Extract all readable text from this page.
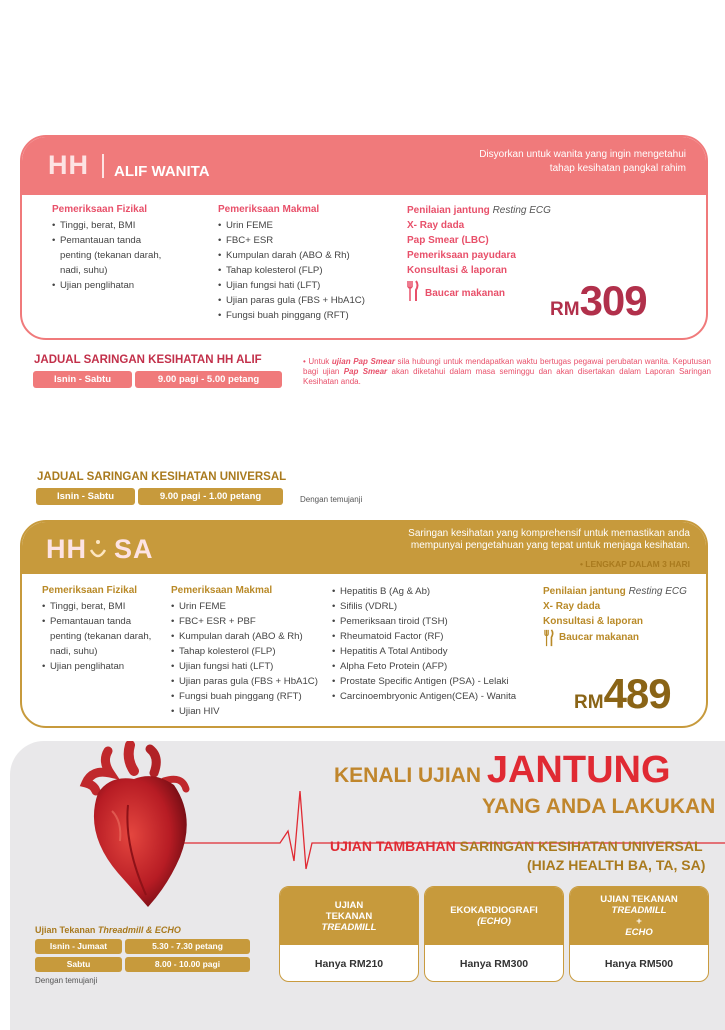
HH ALIF WANITA
Disyorkan untuk wanita yang ingin mengetahui
tahap kesihatan pangkal rahim
Pemeriksaan Fizikal
• Tinggi, berat, BMI
• Pemantauan tanda
penting (tekanan darah,
nadi, suhu)
• Ujian penglihatan
Pemeriksaan Makmal
• Urin FEME
• FBC+ ESR
• Kumpulan darah (ABO & Rh)
• Tahap kolesterol (FLP)
• Ujian fungsi hati (LFT)
• Ujian paras gula (FBS + HbA1C)
• Fungsi buah pinggang (RFT)
Penilaian jantung Resting ECG
X- Ray dada
Pap Smear (LBC)
Pemeriksaan payudara
Konsultasi & laporan
Baucar makanan
RM309
JADUAL SARINGAN KESIHATAN HH ALIF
Isnin - Sabtu	9.00 pagi - 5.00 petang
• Untuk ujian Pap Smear sila hubungi untuk mendapatkan waktu bertugas pegawai perubatan wanita. Keputusan bagi ujian Pap Smear akan diketahui dalam masa seminggu dan akan disertakan dalam Laporan Saringan Kesihatan anda.
JADUAL SARINGAN KESIHATAN UNIVERSAL
Isnin - Sabtu	9.00 pagi - 1.00 petang	Dengan temujanji
HH SA
Saringan kesihatan yang komprehensif untuk memastikan anda
mempunyai pengetahuan yang tepat untuk menjaga kesihatan.
• LENGKAP DALAM 3 HARI
Pemeriksaan Fizikal
• Tinggi, berat, BMI
• Pemantauan tanda
penting (tekanan darah,
nadi, suhu)
• Ujian penglihatan
Pemeriksaan Makmal
• Urin FEME
• FBC+ ESR + PBF
• Kumpulan darah (ABO & Rh)
• Tahap kolesterol (FLP)
• Ujian fungsi hati (LFT)
• Ujian paras gula (FBS + HbA1C)
• Fungsi buah pinggang (RFT)
• Ujian HIV
• Hepatitis B (Ag & Ab)
• Sifilis (VDRL)
• Pemeriksaan tiroid (TSH)
• Rheumatoid Factor (RF)
• Hepatitis A Total Antibody
• Alpha Feto Protein (AFP)
• Prostate Specific Antigen (PSA) - Lelaki
• Carcinoembryonic Antigen(CEA) - Wanita
Penilaian jantung Resting ECG
X- Ray dada
Konsultasi & laporan
Baucar makanan
RM489
KENALI UJIAN JANTUNG
YANG ANDA LAKUKAN
UJIAN TAMBAHAN SARINGAN KESIHATAN UNIVERSAL
(HIAZ HEALTH BA, TA, SA)
UJIAN
TEKANAN
TREADMILL
Hanya RM210
EKOKARDIOGRAFI
(ECHO)
Hanya RM300
UJIAN TEKANAN
TREADMILL
+
ECHO
Hanya RM500
Ujian Tekanan Threadmill & ECHO
Isnin - Jumaat	5.30 - 7.30 petang
Sabtu	8.00 - 10.00 pagi
Dengan temujanji
